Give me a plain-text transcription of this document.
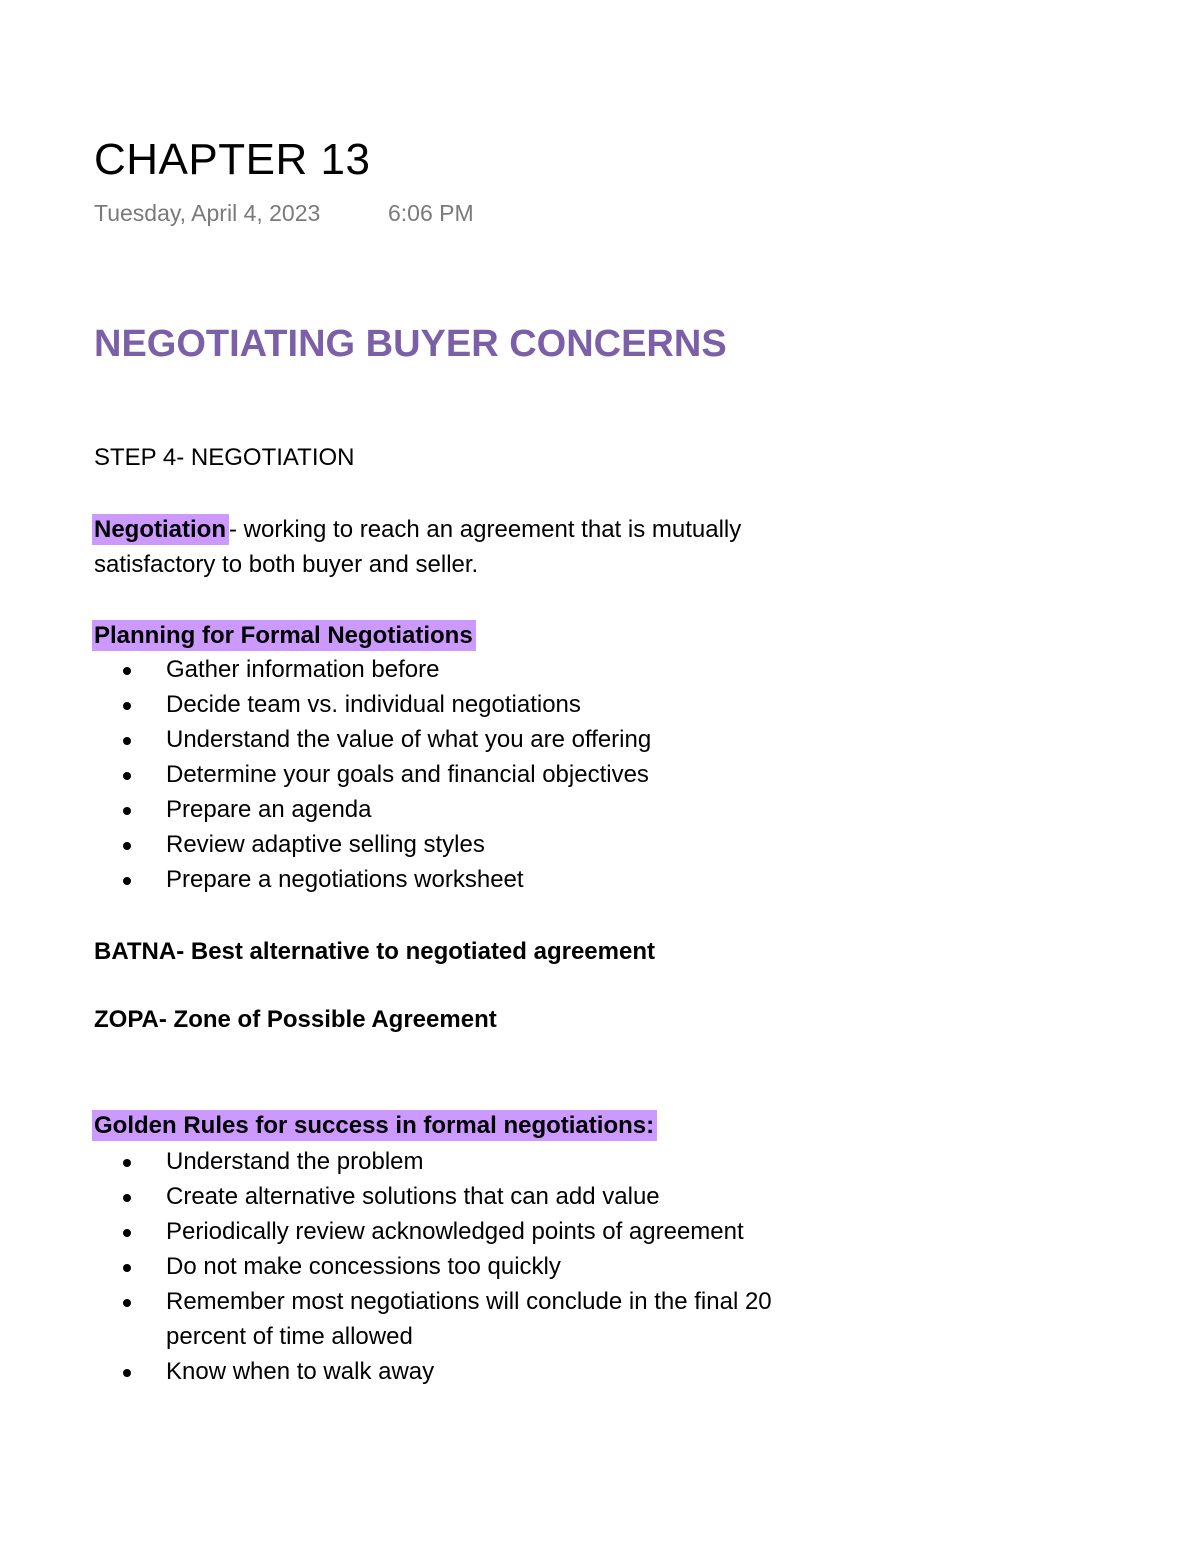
CHAPTER 13
Tuesday, April 4, 2023	6:06 PM
NEGOTIATING BUYER CONCERNS
STEP 4- NEGOTIATION
Negotiation - working to reach an agreement that is mutually
satisfactory to both buyer and seller.
Planning for Formal Negotiations
Gather information before
Decide team vs. individual negotiations
Understand the value of what you are offering
Determine your goals and financial objectives
Prepare an agenda
Review adaptive selling styles
Prepare a negotiations worksheet
BATNA- Best alternative to negotiated agreement
ZOPA- Zone of Possible Agreement
Golden Rules for success in formal negotiations:
Understand the problem
Create alternative solutions that can add value
Periodically review acknowledged points of agreement
Do not make concessions too quickly
Remember most negotiations will conclude in the final 20
percent of time allowed
Know when to walk away
